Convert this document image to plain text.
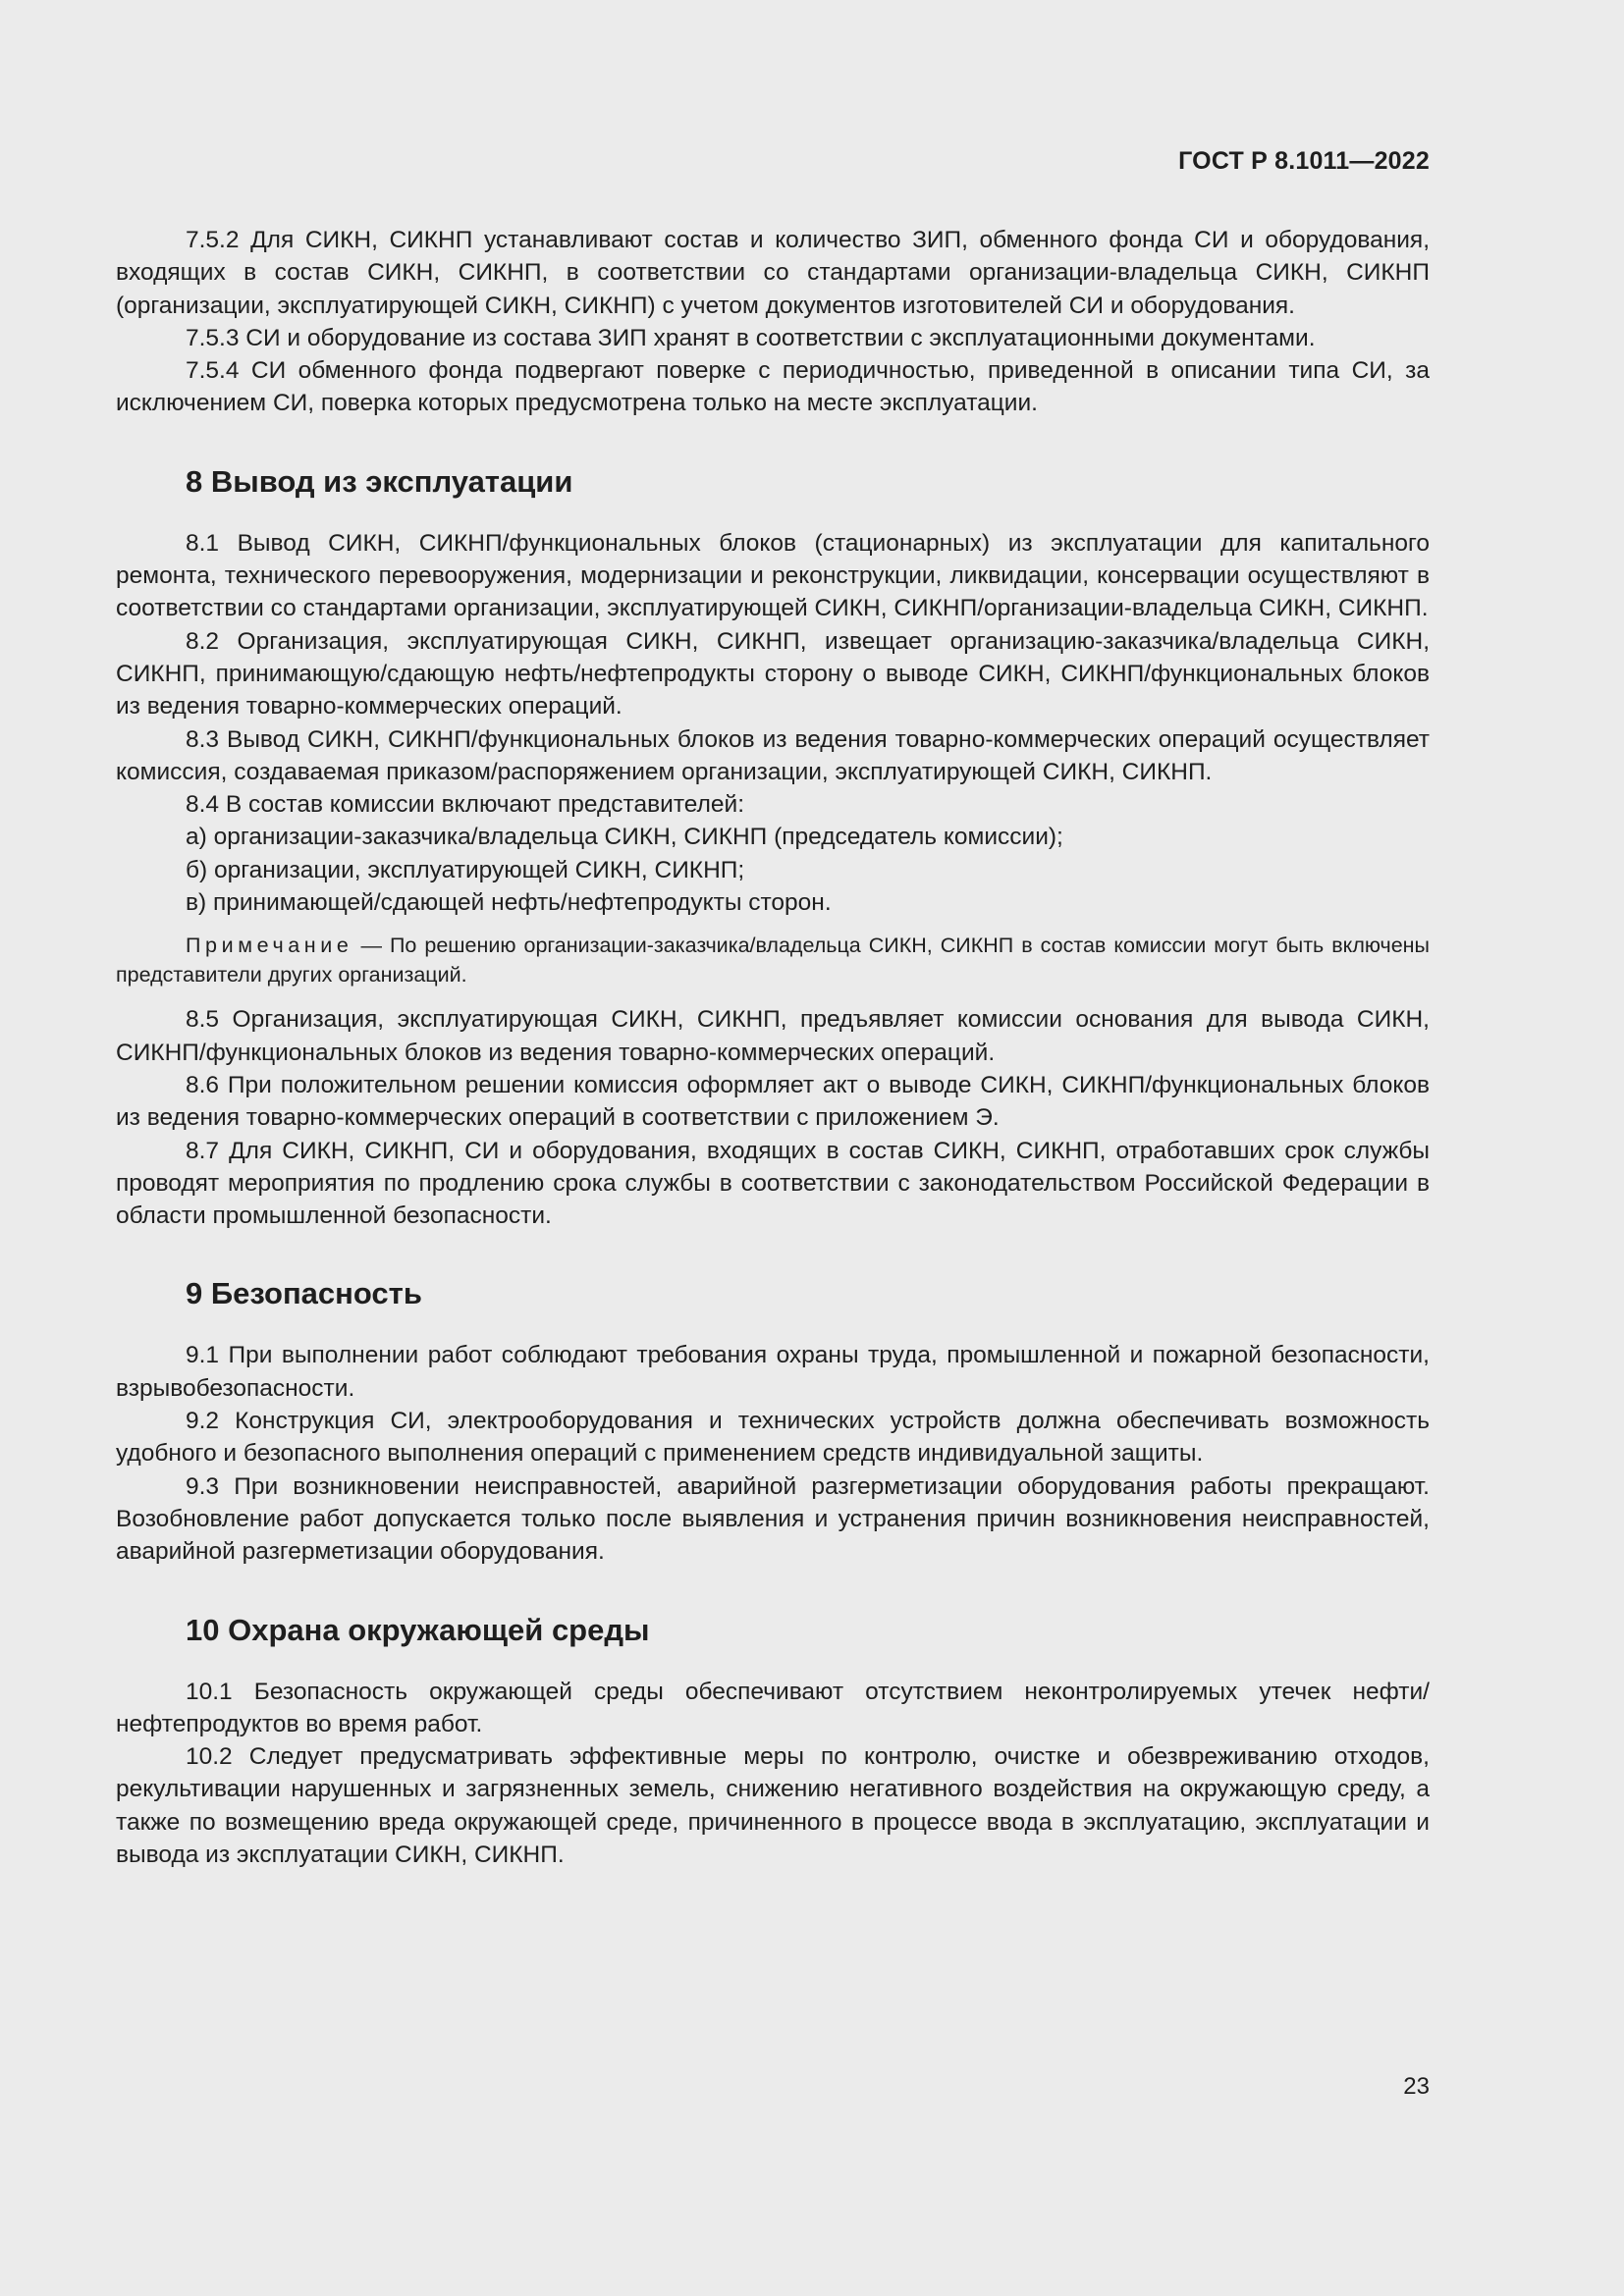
ГОСТ Р 8.1011—2022

7.5.2 Для СИКН, СИКНП устанавливают состав и количество ЗИП, обменного фонда СИ и оборудования, входящих в состав СИКН, СИКНП, в соответствии со стандартами организации-владельца СИКН, СИКНП (организации, эксплуатирующей СИКН, СИКНП) с учетом документов изготовителей СИ и оборудования.

7.5.3 СИ и оборудование из состава ЗИП хранят в соответствии с эксплуатационными документами.

7.5.4 СИ обменного фонда подвергают поверке с периодичностью, приведенной в описании типа СИ, за исключением СИ, поверка которых предусмотрена только на месте эксплуатации.

8 Вывод из эксплуатации

8.1 Вывод СИКН, СИКНП/функциональных блоков (стационарных) из эксплуатации для капитального ремонта, технического перевооружения, модернизации и реконструкции, ликвидации, консервации осуществляют в соответствии со стандартами организации, эксплуатирующей СИКН, СИКНП/организации-владельца СИКН, СИКНП.

8.2 Организация, эксплуатирующая СИКН, СИКНП, извещает организацию-заказчика/владельца СИКН, СИКНП, принимающую/сдающую нефть/нефтепродукты сторону о выводе СИКН, СИКНП/функциональных блоков из ведения товарно-коммерческих операций.

8.3 Вывод СИКН, СИКНП/функциональных блоков из ведения товарно-коммерческих операций осуществляет комиссия, создаваемая приказом/распоряжением организации, эксплуатирующей СИКН, СИКНП.

8.4 В состав комиссии включают представителей:

а) организации-заказчика/владельца СИКН, СИКНП (председатель комиссии);

б) организации, эксплуатирующей СИКН, СИКНП;

в) принимающей/сдающей нефть/нефтепродукты сторон.

Примечание — По решению организации-заказчика/владельца СИКН, СИКНП в состав комиссии могут быть включены представители других организаций.

8.5 Организация, эксплуатирующая СИКН, СИКНП, предъявляет комиссии основания для вывода СИКН, СИКНП/функциональных блоков из ведения товарно-коммерческих операций.

8.6 При положительном решении комиссия оформляет акт о выводе СИКН, СИКНП/функциональных блоков из ведения товарно-коммерческих операций в соответствии с приложением Э.

8.7 Для СИКН, СИКНП, СИ и оборудования, входящих в состав СИКН, СИКНП, отработавших срок службы проводят мероприятия по продлению срока службы в соответствии с законодательством Российской Федерации в области промышленной безопасности.

9 Безопасность

9.1 При выполнении работ соблюдают требования охраны труда, промышленной и пожарной безопасности, взрывобезопасности.

9.2 Конструкция СИ, электрооборудования и технических устройств должна обеспечивать возможность удобного и безопасного выполнения операций с применением средств индивидуальной защиты.

9.3 При возникновении неисправностей, аварийной разгерметизации оборудования работы прекращают. Возобновление работ допускается только после выявления и устранения причин возникновения неисправностей, аварийной разгерметизации оборудования.

10 Охрана окружающей среды

10.1 Безопасность окружающей среды обеспечивают отсутствием неконтролируемых утечек нефти/нефтепродуктов во время работ.

10.2 Следует предусматривать эффективные меры по контролю, очистке и обезвреживанию отходов, рекультивации нарушенных и загрязненных земель, снижению негативного воздействия на окружающую среду, а также по возмещению вреда окружающей среде, причиненного в процессе ввода в эксплуатацию, эксплуатации и вывода из эксплуатации СИКН, СИКНП.

23
